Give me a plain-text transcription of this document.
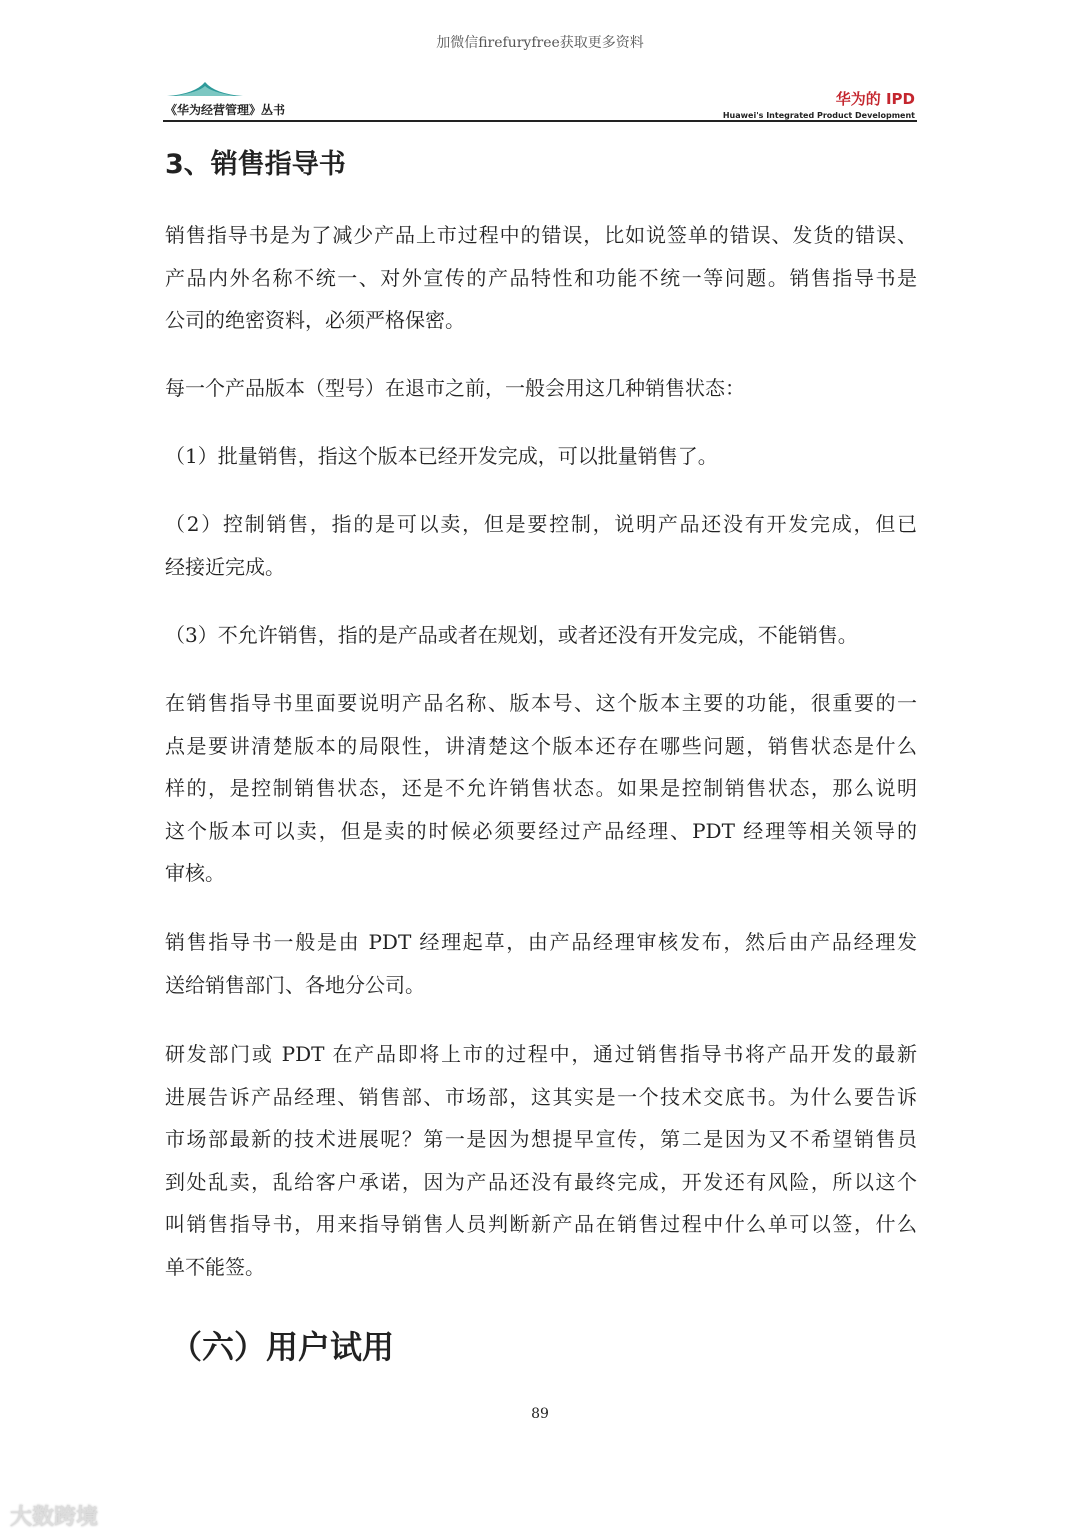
加微信firefuryfree获取更多资料
《华为经营管理》丛书
华为的 IPD
Huawei's Integrated Product Development
3、销售指导书
销售指导书是为了减少产品上市过程中的错误，比如说签单的错误、发货的错误、
产品内外名称不统一、对外宣传的产品特性和功能不统一等问题。销售指导书是
公司的绝密资料，必须严格保密。
每一个产品版本（型号）在退市之前，一般会用这几种销售状态：
（1）批量销售，指这个版本已经开发完成，可以批量销售了。
（2）控制销售，指的是可以卖，但是要控制，说明产品还没有开发完成，但已
经接近完成。
（3）不允许销售，指的是产品或者在规划，或者还没有开发完成，不能销售。
在销售指导书里面要说明产品名称、版本号、这个版本主要的功能，很重要的一
点是要讲清楚版本的局限性，讲清楚这个版本还存在哪些问题，销售状态是什么
样的，是控制销售状态，还是不允许销售状态。如果是控制销售状态，那么说明
这个版本可以卖，但是卖的时候必须要经过产品经理、PDT 经理等相关领导的
审核。
销售指导书一般是由 PDT 经理起草，由产品经理审核发布，然后由产品经理发
送给销售部门、各地分公司。
研发部门或 PDT 在产品即将上市的过程中，通过销售指导书将产品开发的最新
进展告诉产品经理、销售部、市场部，这其实是一个技术交底书。为什么要告诉
市场部最新的技术进展呢？第一是因为想提早宣传，第二是因为又不希望销售员
到处乱卖，乱给客户承诺，因为产品还没有最终完成，开发还有风险，所以这个
叫销售指导书，用来指导销售人员判断新产品在销售过程中什么单可以签，什么
单不能签。
（六）用户试用
89
大数跨境
